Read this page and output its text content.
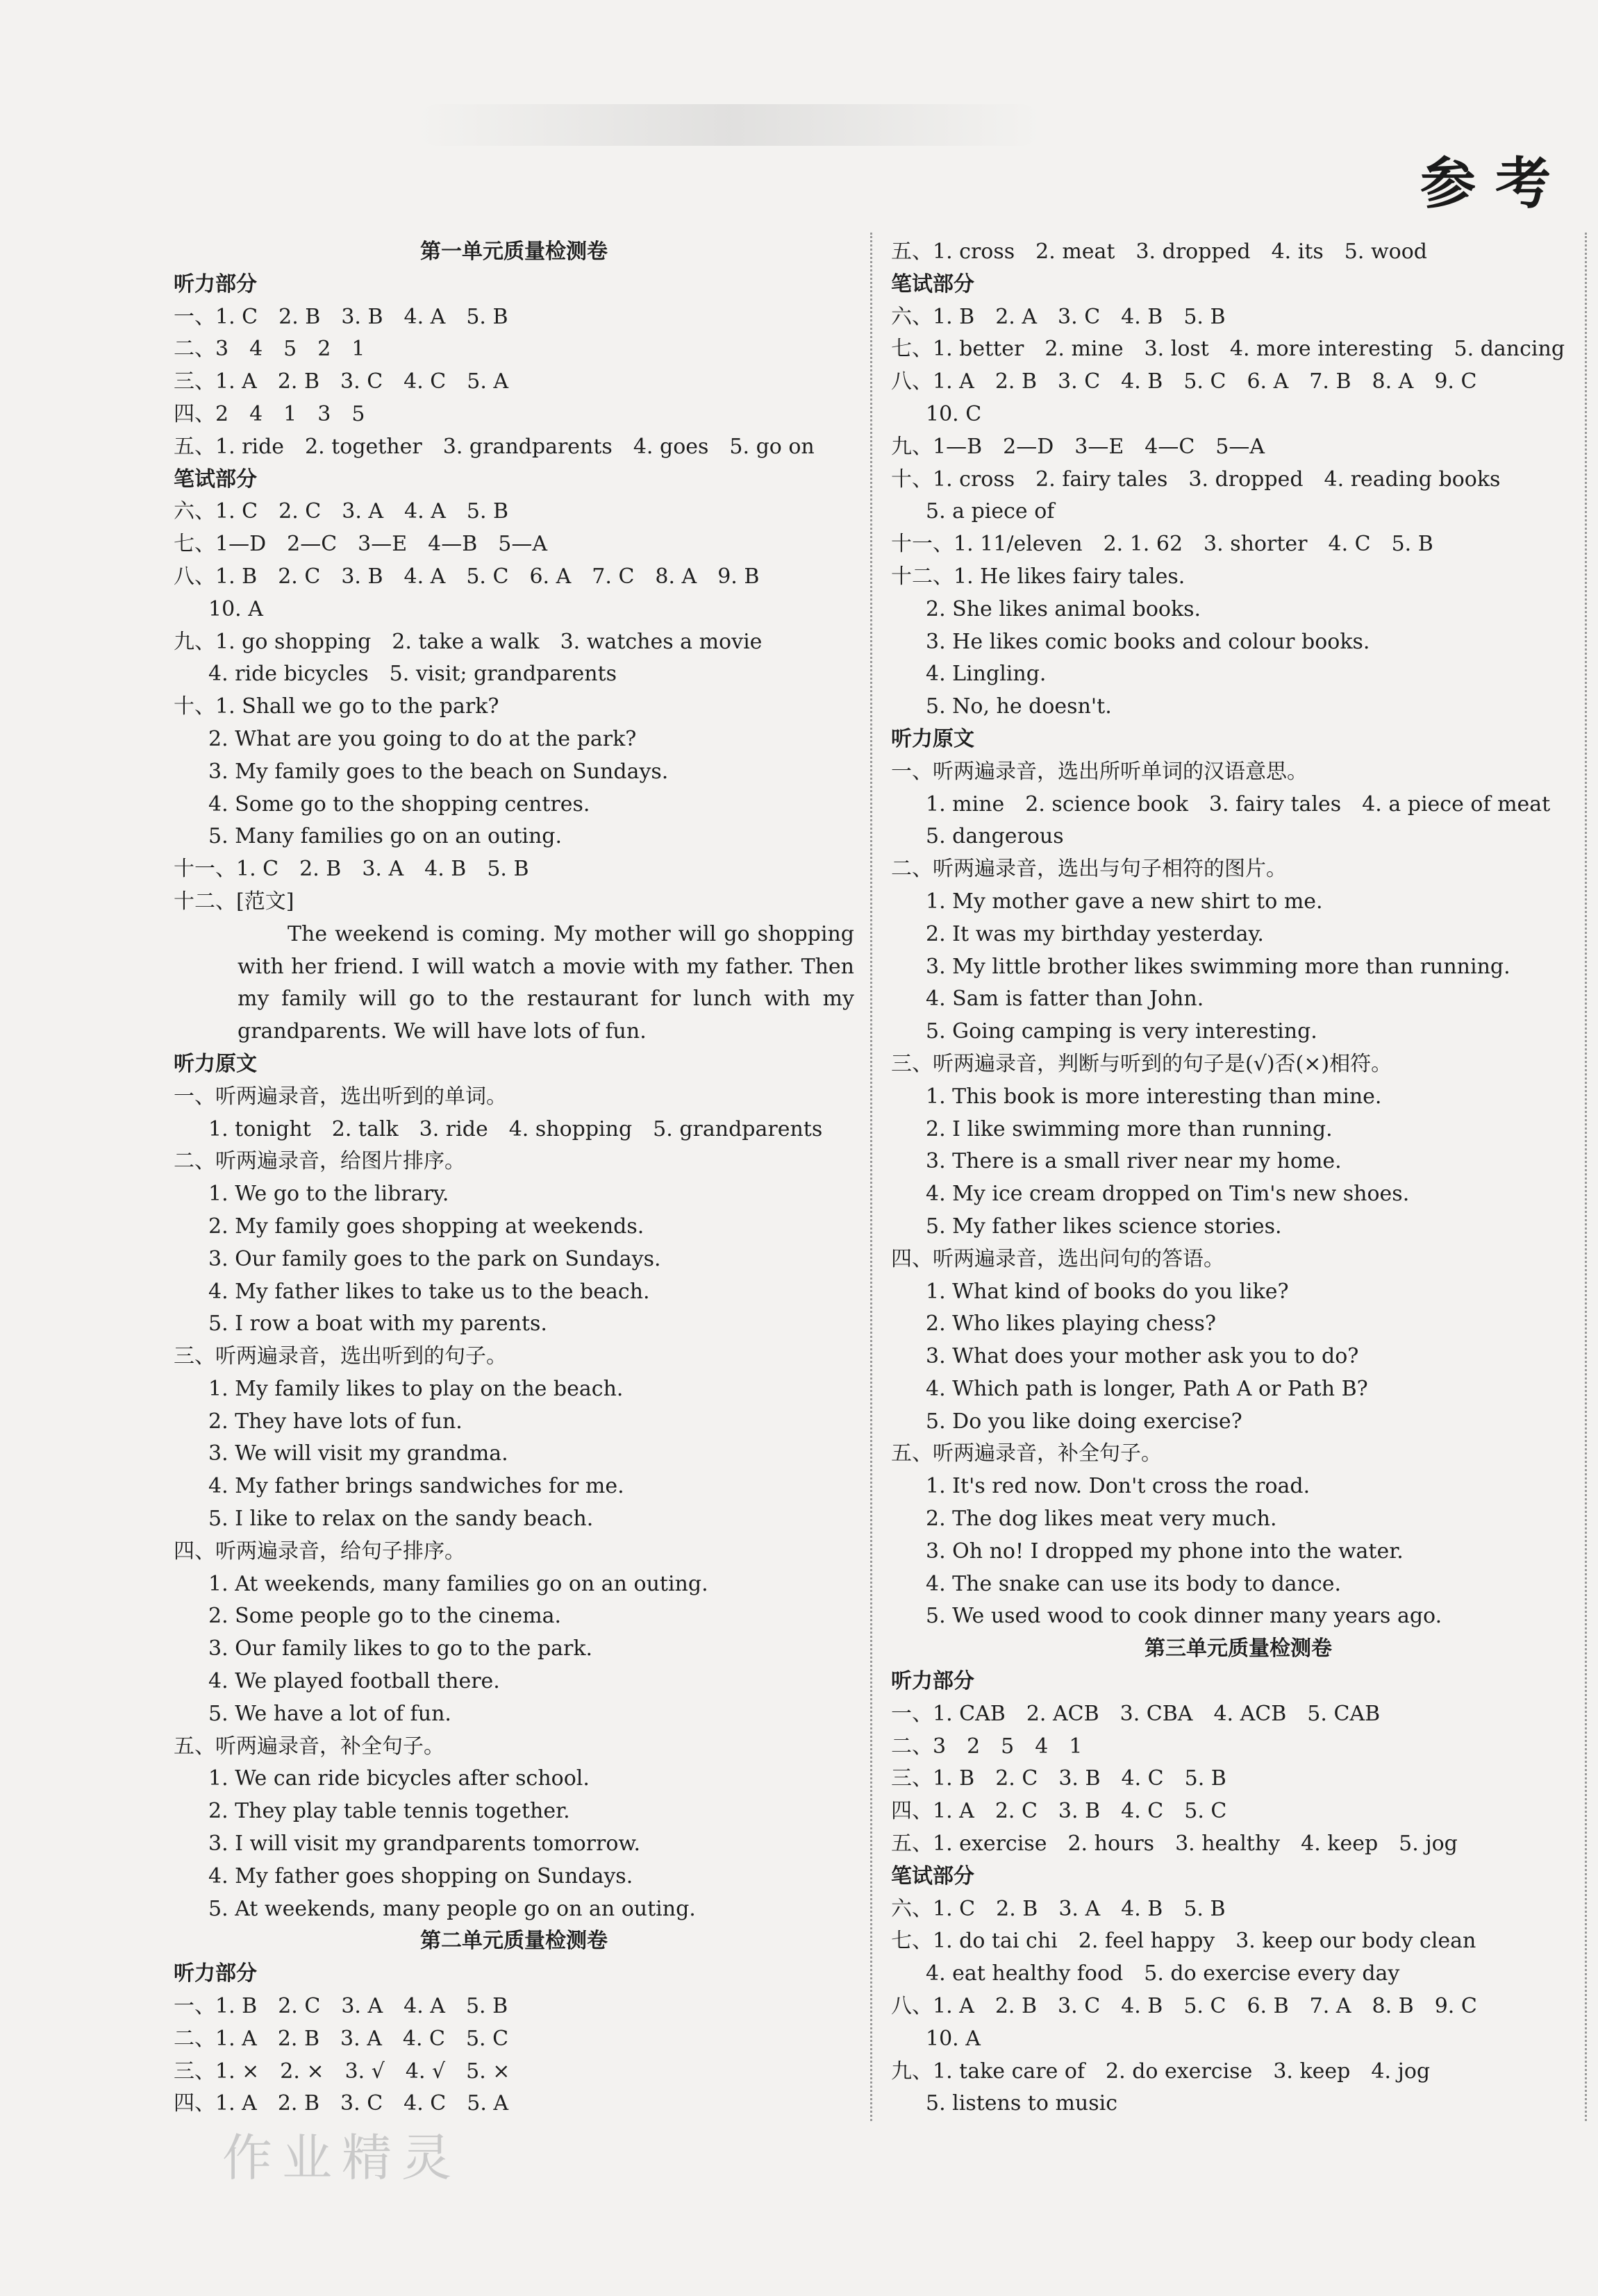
参考
第一单元质量检测卷
听力部分
一、1. C　2. B　3. B　4. A　5. B
二、3　4　5　2　1
三、1. A　2. B　3. C　4. C　5. A
四、2　4　1　3　5
五、1. ride　2. together　3. grandparents　4. goes　5. go on
笔试部分
六、1. C　2. C　3. A　4. A　5. B
七、1—D　2—C　3—E　4—B　5—A
八、1. B　2. C　3. B　4. A　5. C　6. A　7. C　8. A　9. B
10. A
九、1. go shopping　2. take a walk　3. watches a movie
4. ride bicycles　5. visit; grandparents
十、1. Shall we go to the park?
2. What are you going to do at the park?
3. My family goes to the beach on Sundays.
4. Some go to the shopping centres.
5. Many families go on an outing.
十一、1. C　2. B　3. A　4. B　5. B
十二、[范文]
The weekend is coming. My mother will go shopping with her friend. I will watch a movie with my father. Then my family will go to the restaurant for lunch with my grandparents. We will have lots of fun.
听力原文
一、听两遍录音，选出听到的单词。
1. tonight　2. talk　3. ride　4. shopping　5. grandparents
二、听两遍录音，给图片排序。
1. We go to the library.
2. My family goes shopping at weekends.
3. Our family goes to the park on Sundays.
4. My father likes to take us to the beach.
5. I row a boat with my parents.
三、听两遍录音，选出听到的句子。
1. My family likes to play on the beach.
2. They have lots of fun.
3. We will visit my grandma.
4. My father brings sandwiches for me.
5. I like to relax on the sandy beach.
四、听两遍录音，给句子排序。
1. At weekends, many families go on an outing.
2. Some people go to the cinema.
3. Our family likes to go to the park.
4. We played football there.
5. We have a lot of fun.
五、听两遍录音，补全句子。
1. We can ride bicycles after school.
2. They play table tennis together.
3. I will visit my grandparents tomorrow.
4. My father goes shopping on Sundays.
5. At weekends, many people go on an outing.
第二单元质量检测卷
听力部分
一、1. B　2. C　3. A　4. A　5. B
二、1. A　2. B　3. A　4. C　5. C
三、1. ×　2. ×　3. √　4. √　5. ×
四、1. A　2. B　3. C　4. C　5. A
五、1. cross　2. meat　3. dropped　4. its　5. wood
笔试部分
六、1. B　2. A　3. C　4. B　5. B
七、1. better　2. mine　3. lost　4. more interesting　5. dancing
八、1. A　2. B　3. C　4. B　5. C　6. A　7. B　8. A　9. C
10. C
九、1—B　2—D　3—E　4—C　5—A
十、1. cross　2. fairy tales　3. dropped　4. reading books
5. a piece of
十一、1. 11/eleven　2. 1. 62　3. shorter　4. C　5. B
十二、1. He likes fairy tales.
2. She likes animal books.
3. He likes comic books and colour books.
4. Lingling.
5. No, he doesn't.
听力原文
一、听两遍录音，选出所听单词的汉语意思。
1. mine　2. science book　3. fairy tales　4. a piece of meat
5. dangerous
二、听两遍录音，选出与句子相符的图片。
1. My mother gave a new shirt to me.
2. It was my birthday yesterday.
3. My little brother likes swimming more than running.
4. Sam is fatter than John.
5. Going camping is very interesting.
三、听两遍录音，判断与听到的句子是(√)否(×)相符。
1. This book is more interesting than mine.
2. I like swimming more than running.
3. There is a small river near my home.
4. My ice cream dropped on Tim's new shoes.
5. My father likes science stories.
四、听两遍录音，选出问句的答语。
1. What kind of books do you like?
2. Who likes playing chess?
3. What does your mother ask you to do?
4. Which path is longer, Path A or Path B?
5. Do you like doing exercise?
五、听两遍录音，补全句子。
1. It's red now. Don't cross the road.
2. The dog likes meat very much.
3. Oh no! I dropped my phone into the water.
4. The snake can use its body to dance.
5. We used wood to cook dinner many years ago.
第三单元质量检测卷
听力部分
一、1. CAB　2. ACB　3. CBA　4. ACB　5. CAB
二、3　2　5　4　1
三、1. B　2. C　3. B　4. C　5. B
四、1. A　2. C　3. B　4. C　5. C
五、1. exercise　2. hours　3. healthy　4. keep　5. jog
笔试部分
六、1. C　2. B　3. A　4. B　5. B
七、1. do tai chi　2. feel happy　3. keep our body clean
4. eat healthy food　5. do exercise every day
八、1. A　2. B　3. C　4. B　5. C　6. B　7. A　8. B　9. C
10. A
九、1. take care of　2. do exercise　3. keep　4. jog
5. listens to music
作业精灵
